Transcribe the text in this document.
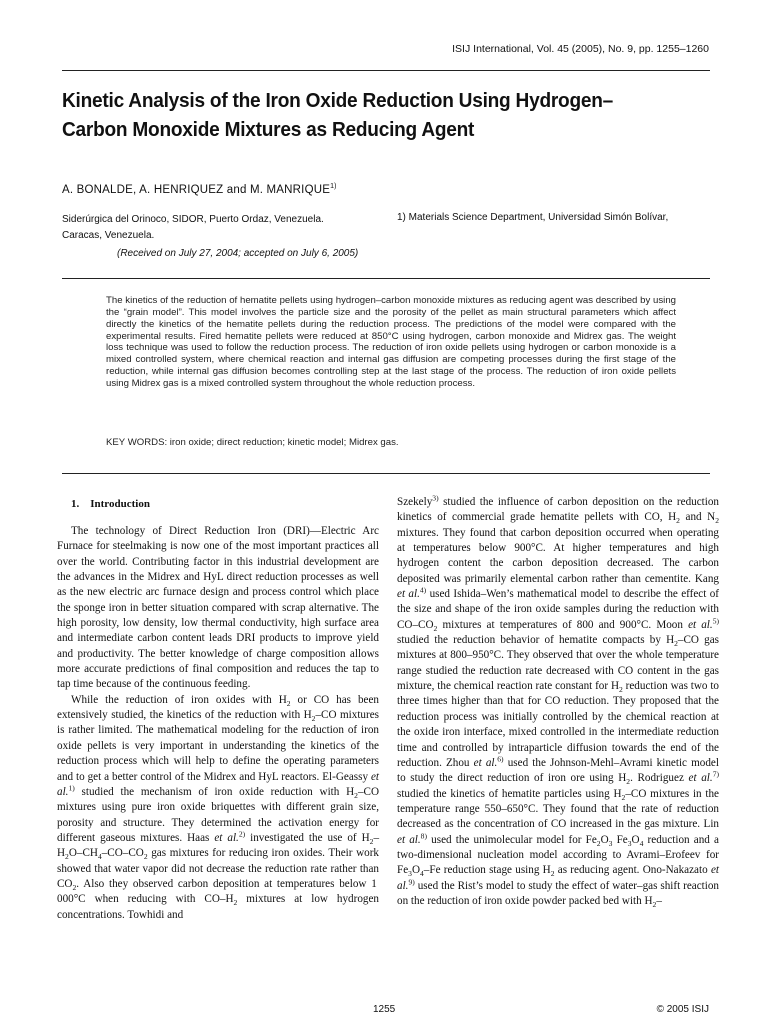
ISIJ International, Vol. 45 (2005), No. 9, pp. 1255–1260
Kinetic Analysis of the Iron Oxide Reduction Using Hydrogen–
Carbon Monoxide Mixtures as Reducing Agent
A. BONALDE, A. HENRIQUEZ and M. MANRIQUE$^{1)}$
Siderúrgica del Orinoco, SIDOR, Puerto Ordaz, Venezuela.
Caracas, Venezuela.
1) Materials Science Department, Universidad Simón Bolívar,
(Received on July 27, 2004; accepted on July 6, 2005)
The kinetics of the reduction of hematite pellets using hydrogen–carbon monoxide mixtures as reducing agent was described by using the “grain model”. This model involves the particle size and the porosity of the pellet as main structural parameters which affect directly the kinetics of the hematite pellets during the reduction process. The predictions of the model were compared with the experimental results. Fired hematite pellets were reduced at 850°C using hydrogen, carbon monoxide and Midrex gas. The weight loss technique was used to follow the reduction process. The reduction of iron oxide pellets using hydrogen or carbon monoxide is a mixed controlled system, where chemical reaction and internal gas diffusion are competing processes during the first stage of the reduction, while internal gas diffusion becomes controlling step at the last stage of the process. The reduction of iron oxide pellets using Midrex gas is a mixed controlled system throughout the whole reduction process.
KEY WORDS: iron oxide; direct reduction; kinetic model; Midrex gas.

1. Introduction

The technology of Direct Reduction Iron (DRI)—Electric Arc Furnace for steelmaking is now one of the most important practices all over the world. Contributing factor in this industrial development are the advances in the Midrex and HyL direct reduction processes as well as the new electric arc furnace design and process control which place the sponge iron in better situation compared with scrap alternative. The high porosity, low density, low thermal conductivity, high surface area and intermediate carbon content leads DRI products to improve yield and productivity. The better knowledge of charge composition allows more accurate predictions of final composition and reduces the tap to tap time because of the continuous feeding.

While the reduction of iron oxides with $H_2$ or CO has been extensively studied, the kinetics of the reduction with $H_2-CO$ mixtures is rather limited. The mathematical modeling for the reduction of iron oxide pellets is very important in understanding the kinetics of the reduction process which will help to define the operating parameters and to get a better control of the Midrex and HyL reactors. El-Geassy et al.$^{1)}$ studied the mechanism of iron oxide reduction with $H_2-CO$ mixtures using pure iron oxide briquettes with different grain size, porosity and structure. They determined the activation energy for different gaseous mixtures. Haas et al.$^{2)}$ investigated the use of $H_2-H_2O-CH_4-CO-CO_2$ gas mixtures for reducing iron oxides. Their work showed that water vapor did not decrease the reduction rate rather than $CO_2$. Also they observed carbon deposition at temperatures below 1 000°C when reducing with $CO-H_2$ mixtures at low hydrogen concentrations. Towhidi and

Szekely$^{3)}$ studied the influence of carbon deposition on the reduction kinetics of commercial grade hematite pellets with CO, $H_2$ and $N_2$ mixtures. They found that carbon deposition occurred when operating at temperatures below 900°C. At higher temperatures and high hydrogen content the carbon deposition decreased. The carbon deposited was primarily elemental carbon rather than cementite. Kang et al.$^{4)}$ used Ishida–Wen’s mathematical model to describe the effect of the size and shape of the iron oxide samples during the reduction with $CO-CO_2$ mixtures at temperatures of 800 and 900°C. Moon et al.$^{5)}$ studied the reduction behavior of hematite compacts by $H_2-CO$ gas mixtures at 800–950°C. They observed that over the whole temperature range studied the reduction rate decreased with CO content in the gas mixture, the chemical reaction rate constant for $H_2$ reduction was two to three times higher than that for CO reduction. They proposed that the reduction process was initially controlled by the chemical reaction at the oxide iron interface, mixed controlled in the intermediate reduction time and controlled by intraparticle diffusion towards the end of the reduction. Zhou et al.$^{6)}$ used the Johnson-Mehl–Avrami kinetic model to study the direct reduction of iron ore using $H_2$. Rodriguez et al.$^{7)}$ studied the kinetics of hematite particles using $H_2-CO$ mixtures in the temperature range 550–650°C. They found that the rate of reduction decreased as the concentration of CO increased in the gas mixture. Lin et al.$^{8)}$ used the unimolecular model for $Fe_2O_3$ $Fe_3O_4$ reduction and a two-dimensional nucleation model according to Avrami–Erofeev for $Fe_3O_4-Fe$ reduction stage using $H_2$ as reducing agent. Ono-Nakazato et al.$^{9)}$ used the Rist’s model to study the effect of water–gas shift reaction on the reduction of iron oxide powder packed bed with $H_2-$

1255	© 2005 ISIJ
